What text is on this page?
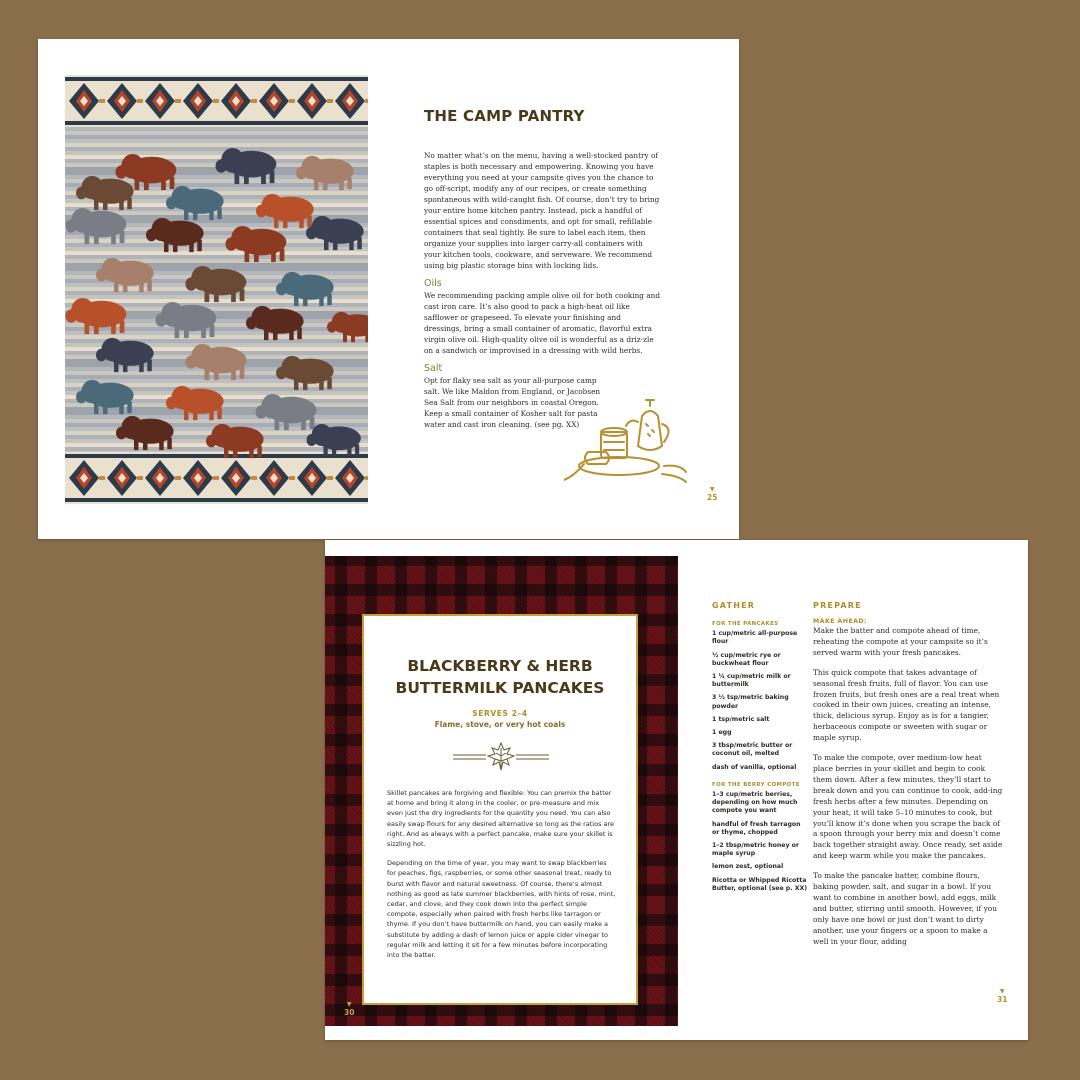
THE CAMP PANTRY

No matter what’s on the menu, having a well-stocked pantry of staples is both necessary and empowering. Knowing you have everything you need at your campsite gives you the chance to go off-script, modify any of our recipes, or create something spontaneous with wild-caught fish. Of course, don’t try to bring your entire home kitchen pantry. Instead, pick a handful of essential spices and consdiments, and opt for small, refillable containers that seal tightly. Be sure to label each item, then organize your supplies into larger carry-all containers with your kitchen tools, cookware, and serveware. We recommend using big plastic storage bins with locking lids.

Oils

We recommending packing ample olive oil for both cooking and cast iron care. It’s also good to pack a high-heat oil like safflower or grapeseed. To elevate your finishing and dressings, bring a small container of aromatic, flavorful extra virgin olive oil. High-quality olive oil is wonderful as a driz-zle on a sandwich or improvised in a dressing with wild herbs.

Salt

Opt for flaky sea salt as your all-purpose camp salt. We like Maldon from England, or Jacobsen Sea Salt from our neighbors in coastal Oregon. Keep a small container of Kosher salt for pasta water and cast iron cleaning. (see pg. XX)

▼
25
BLACKBERRY & HERB
BUTTERMILK PANCAKES
SERVES 2–4
Flame, stove, or very hot coals

Skillet pancakes are forgiving and flexible: You can premix the batter at home and bring it along in the cooler, or pre-measure and mix even just the dry ingredients for the quantity you need. You can also easily swap flours for any desired alternative so long as the ratios are right. And as always with a perfect pancake, make sure your skillet is sizzling hot.

Depending on the time of year, you may want to swap blackberries for peaches, figs, raspberries, or some other seasonal treat, ready to burst with flavor and natural sweetness. Of course, there’s almost nothing as good as late summer blackberries, with hints of rose, mint, cedar, and clove, and they cook down into the perfect simple compote, especially when paired with fresh herbs like tarragon or thyme. If you don’t have buttermilk on hand, you can easily make a substitute by adding a dash of lemon juice or apple cider vinegar to regular milk and letting it sit for a few minutes before incorporating into the batter.

▼
30
GATHER	PREPARE
FOR THE PANCAKES
1 cup/metric all-purpose flour
½ cup/metric rye or buckwheat flour
1 ¼ cup/metric milk or buttermilk
3 ½ tsp/metric baking powder
1 tsp/metric salt
1 egg
3 tbsp/metric butter or coconut oil, melted
dash of vanilla, optional
FOR THE BERRY COMPOTE
1–3 cup/metric berries, depending on how much compote you want
handful of fresh tarragon or thyme, chopped
1–2 tbsp/metric honey or maple syrup
lemon zest, optional
Ricotta or Whipped Ricotta Butter, optional (see p. XX)
MAKE AHEAD:

Make the batter and compote ahead of time, reheating the compote at your campsite so it’s served warm with your fresh pancakes.

This quick compote that takes advantage of seasonal fresh fruits, full of flavor. You can use frozen fruits, but fresh ones are a real treat when cooked in their own juices, creating an intense, thick, delicious syrup. Enjoy as is for a tangier, herbaceous compote or sweeten with sugar or maple syrup.

To make the compote, over medium-low heat place berries in your skillet and begin to cook them down. After a few minutes, they’ll start to break down and you can continue to cook, add-ing fresh herbs after a few minutes. Depending on your heat, it will take 5–10 minutes to cook, but you’ll know it’s done when you scrape the back of a spoon through your berry mix and doesn’t come back together straight away. Once ready, set aside and keep warm while you make the pancakes.

To make the pancake batter, combine flours, baking powder, salt, and sugar in a bowl. If you want to combine in another bowl, add eggs, milk and butter, stirring until smooth. However, if you only have one bowl or just don’t want to dirty another, use your fingers or a spoon to make a well in your flour, adding

▼
31
